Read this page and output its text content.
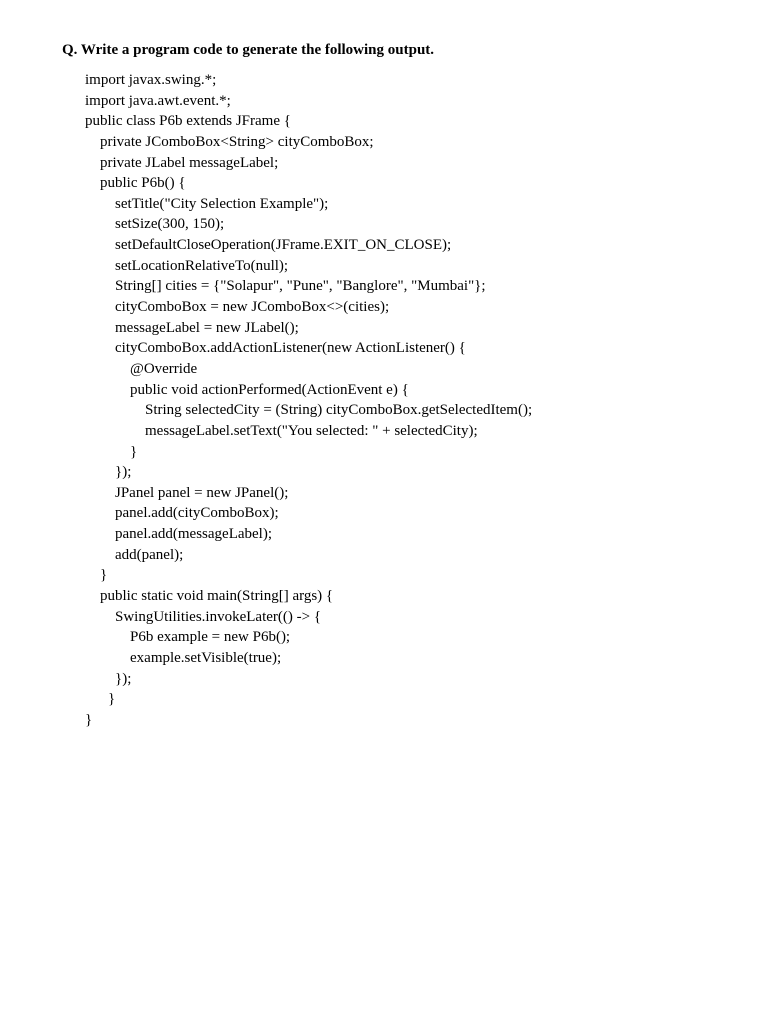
Q. Write a program code to generate the following output.
import javax.swing.*;
import java.awt.event.*;
public class P6b extends JFrame {
private JComboBox<String> cityComboBox;
private JLabel messageLabel;
public P6b() {
setTitle("City Selection Example");
setSize(300, 150);
setDefaultCloseOperation(JFrame.EXIT_ON_CLOSE);
setLocationRelativeTo(null);
String[] cities = {"Solapur", "Pune", "Banglore", "Mumbai"};
cityComboBox = new JComboBox<>(cities);
messageLabel = new JLabel();
cityComboBox.addActionListener(new ActionListener() {
@Override
public void actionPerformed(ActionEvent e) {
String selectedCity = (String) cityComboBox.getSelectedItem();
messageLabel.setText("You selected: " + selectedCity);
}
});
JPanel panel = new JPanel();
panel.add(cityComboBox);
panel.add(messageLabel);
add(panel);
}
public static void main(String[] args) {
SwingUtilities.invokeLater(() -> {
P6b example = new P6b();
example.setVisible(true);
});
}
}
